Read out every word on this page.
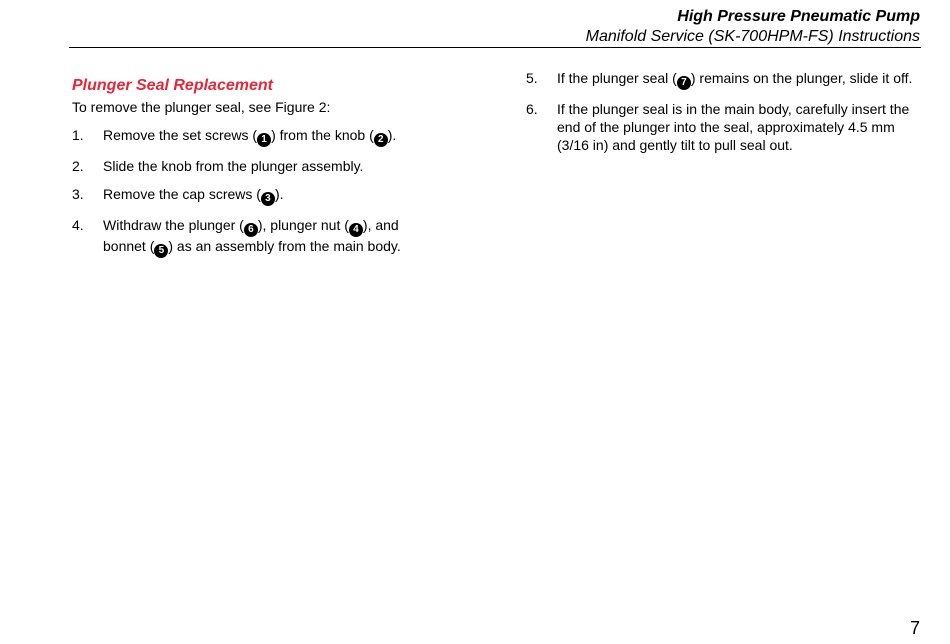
High Pressure Pneumatic Pump
Manifold Service (SK-700HPM-FS) Instructions
Plunger Seal Replacement
To remove the plunger seal, see Figure 2:
1.	Remove the set screws ( 1 ) from the knob ( 2 ).
2.	Slide the knob from the plunger assembly.
3.	Remove the cap screws ( 3 ).
4.	Withdraw the plunger ( 6 ), plunger nut ( 4 ), and bonnet ( 5 ) as an assembly from the main body.
5.	If the plunger seal ( 7 ) remains on the plunger, slide it off.
6.	If the plunger seal is in the main body, carefully insert the end of the plunger into the seal, approximately 4.5 mm (3/16 in) and gently tilt to pull seal out.
7
